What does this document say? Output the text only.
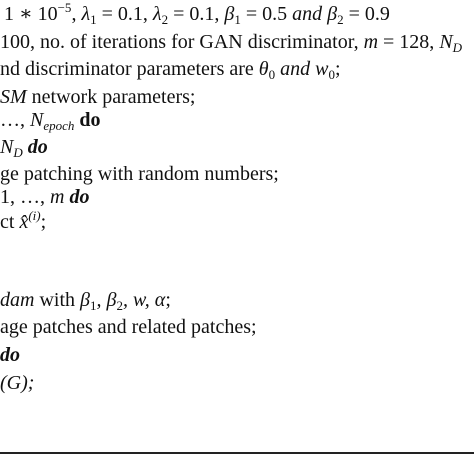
1 ∗ $10^{-5}$, $\lambda_1 = 0.1$, $\lambda_2 = 0.1$, $\beta_1 = 0.5$ and $\beta_2 = 0.9$
100, no. of iterations for GAN discriminator, m = 128, $N_D$
nd discriminator parameters are $\theta_0$ and $w_0$;
SM network parameters;
…, $N_{epoch}$ do
$N_D$ do
ge patching with random numbers;
1, …, m do
ct x̂$^{(i)}$;
dam with $\beta_1$, $\beta_2$, w, α;
age patches and related patches;
do
(G);
